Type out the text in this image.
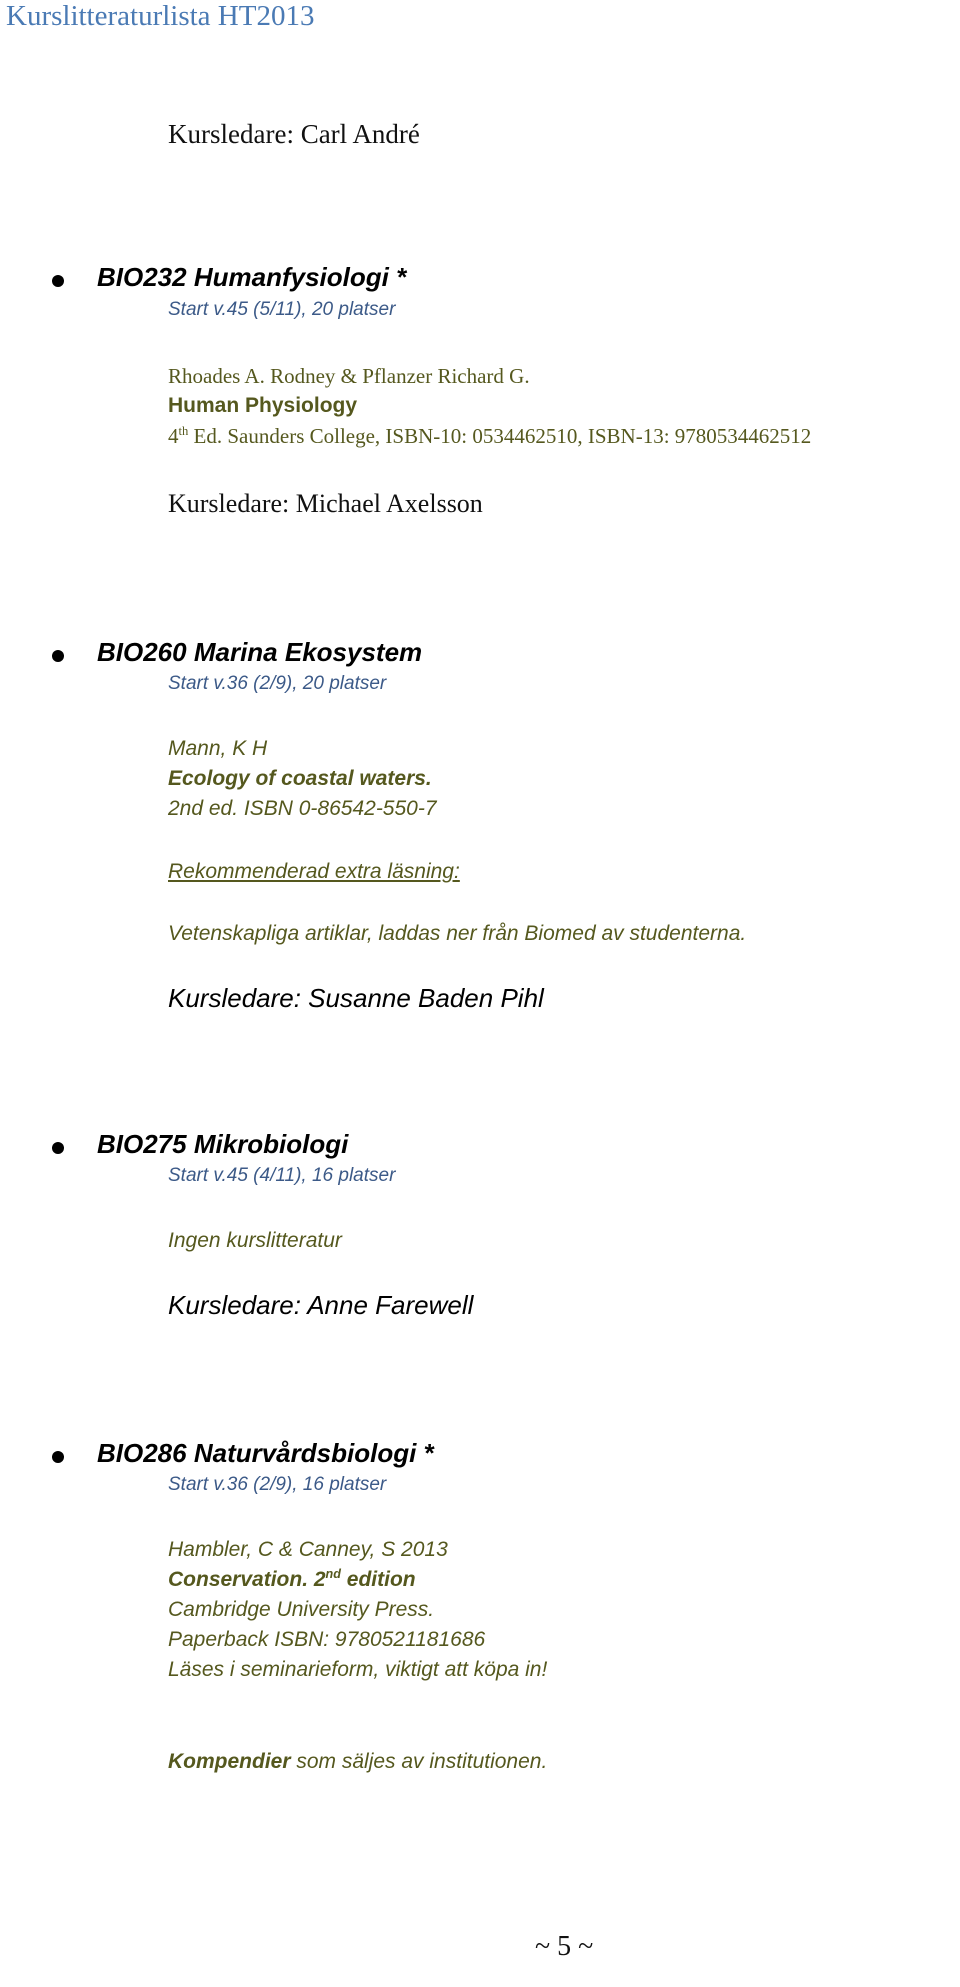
Kurslitteraturlista HT2013
Kursledare: Carl André
BIO232 Humanfysiologi *
Start v.45 (5/11), 20 platser
Rhoades A. Rodney & Pflanzer Richard G.
Human Physiology
4th Ed. Saunders College, ISBN-10: 0534462510, ISBN-13: 9780534462512
Kursledare: Michael Axelsson
BIO260 Marina Ekosystem
Start v.36 (2/9), 20 platser
Mann, K H
Ecology of coastal waters.
2nd ed. ISBN 0-86542-550-7
Rekommenderad extra läsning:
Vetenskapliga artiklar, laddas ner från Biomed av studenterna.
Kursledare: Susanne Baden Pihl
BIO275 Mikrobiologi
Start v.45 (4/11), 16 platser
Ingen kurslitteratur
Kursledare: Anne Farewell
BIO286 Naturvårdsbiologi *
Start v.36 (2/9), 16 platser
Hambler, C & Canney, S 2013
Conservation. 2nd edition
Cambridge University Press.
Paperback ISBN: 9780521181686
Läses i seminarieform, viktigt att köpa in!
Kompendier som säljes av institutionen.
~ 5 ~
